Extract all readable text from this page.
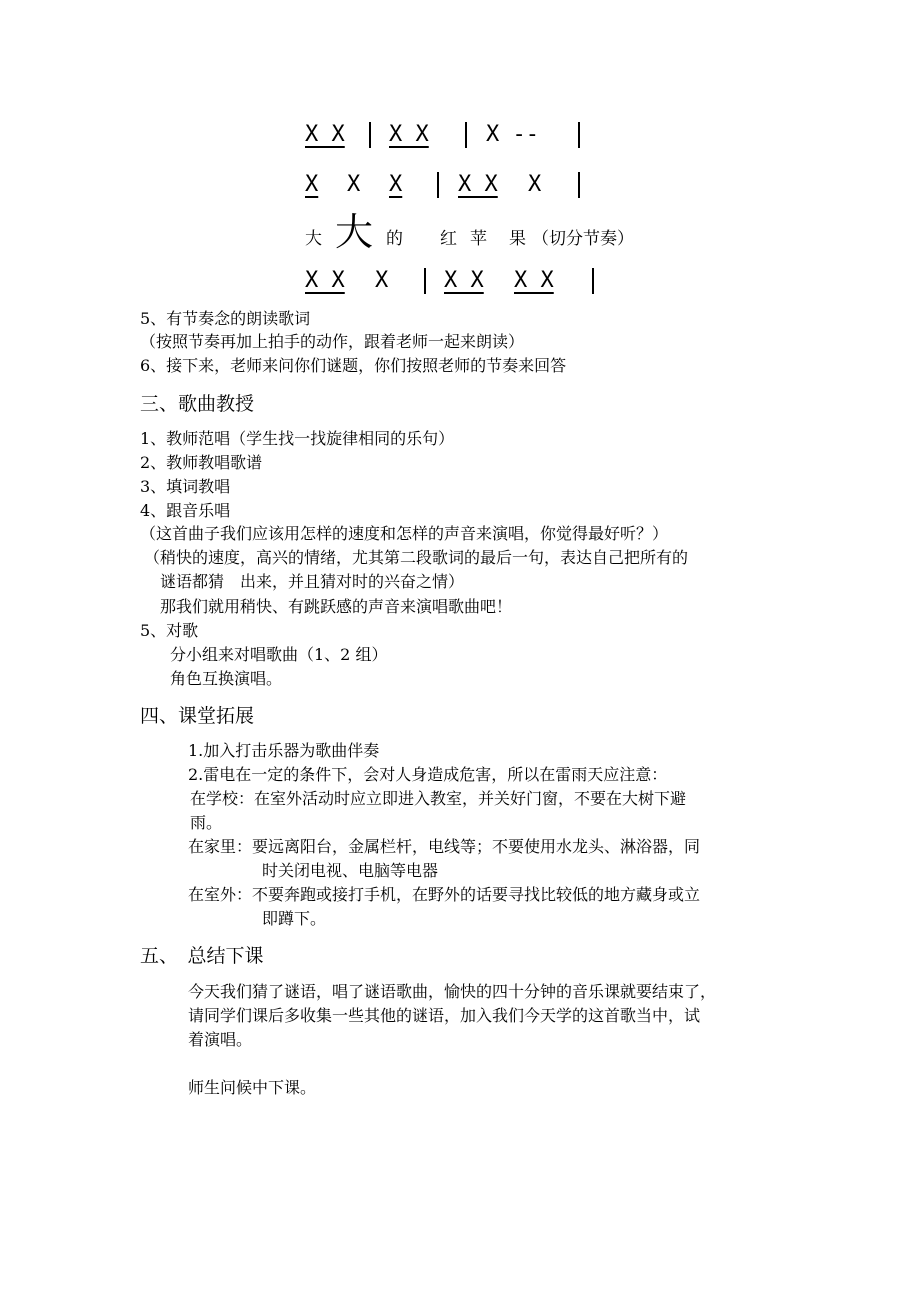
X X X X	X --
X X X	X X X
大 大 的 红 苹 果 （切分节奏）
X X X	X X X X
5、有节奏念的朗读歌词
（按照节奏再加上拍手的动作，跟着老师一起来朗读）
6、接下来，老师来问你们谜题，你们按照老师的节奏来回答
三、歌曲教授
1、教师范唱（学生找一找旋律相同的乐句）
2、教师教唱歌谱
3、填词教唱
4、跟音乐唱
（这首曲子我们应该用怎样的速度和怎样的声音来演唱，你觉得最好听？）
（稍快的速度，高兴的情绪，尤其第二段歌词的最后一句，表达自己把所有的
谜语都猜　出来，并且猜对时的兴奋之情）
那我们就用稍快、有跳跃感的声音来演唱歌曲吧！
5、对歌
分小组来对唱歌曲（1、2 组）
角色互换演唱。
四、课堂拓展
1.加入打击乐器为歌曲伴奏
2.雷电在一定的条件下，会对人身造成危害，所以在雷雨天应注意：
在学校：在室外活动时应立即进入教室，并关好门窗，不要在大树下避
雨。
在家里：要远离阳台，金属栏杆，电线等；不要使用水龙头、淋浴器，同
时关闭电视、电脑等电器
在室外：不要奔跑或接打手机，在野外的话要寻找比较低的地方藏身或立
即蹲下。
五、　总结下课
今天我们猜了谜语，唱了谜语歌曲，愉快的四十分钟的音乐课就要结束了，
请同学们课后多收集一些其他的谜语，加入我们今天学的这首歌当中，试
着演唱。
师生问候中下课。
